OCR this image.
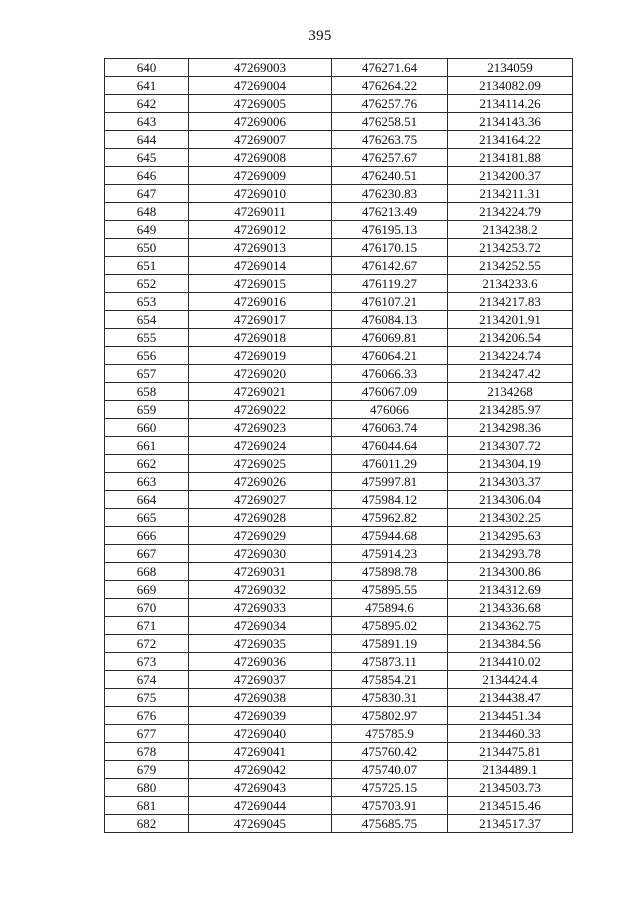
395
640	47269003	476271.64	2134059
641	47269004	476264.22	2134082.09
642	47269005	476257.76	2134114.26
643	47269006	476258.51	2134143.36
644	47269007	476263.75	2134164.22
645	47269008	476257.67	2134181.88
646	47269009	476240.51	2134200.37
647	47269010	476230.83	2134211.31
648	47269011	476213.49	2134224.79
649	47269012	476195.13	2134238.2
650	47269013	476170.15	2134253.72
651	47269014	476142.67	2134252.55
652	47269015	476119.27	2134233.6
653	47269016	476107.21	2134217.83
654	47269017	476084.13	2134201.91
655	47269018	476069.81	2134206.54
656	47269019	476064.21	2134224.74
657	47269020	476066.33	2134247.42
658	47269021	476067.09	2134268
659	47269022	476066	2134285.97
660	47269023	476063.74	2134298.36
661	47269024	476044.64	2134307.72
662	47269025	476011.29	2134304.19
663	47269026	475997.81	2134303.37
664	47269027	475984.12	2134306.04
665	47269028	475962.82	2134302.25
666	47269029	475944.68	2134295.63
667	47269030	475914.23	2134293.78
668	47269031	475898.78	2134300.86
669	47269032	475895.55	2134312.69
670	47269033	475894.6	2134336.68
671	47269034	475895.02	2134362.75
672	47269035	475891.19	2134384.56
673	47269036	475873.11	2134410.02
674	47269037	475854.21	2134424.4
675	47269038	475830.31	2134438.47
676	47269039	475802.97	2134451.34
677	47269040	475785.9	2134460.33
678	47269041	475760.42	2134475.81
679	47269042	475740.07	2134489.1
680	47269043	475725.15	2134503.73
681	47269044	475703.91	2134515.46
682	47269045	475685.75	2134517.37
